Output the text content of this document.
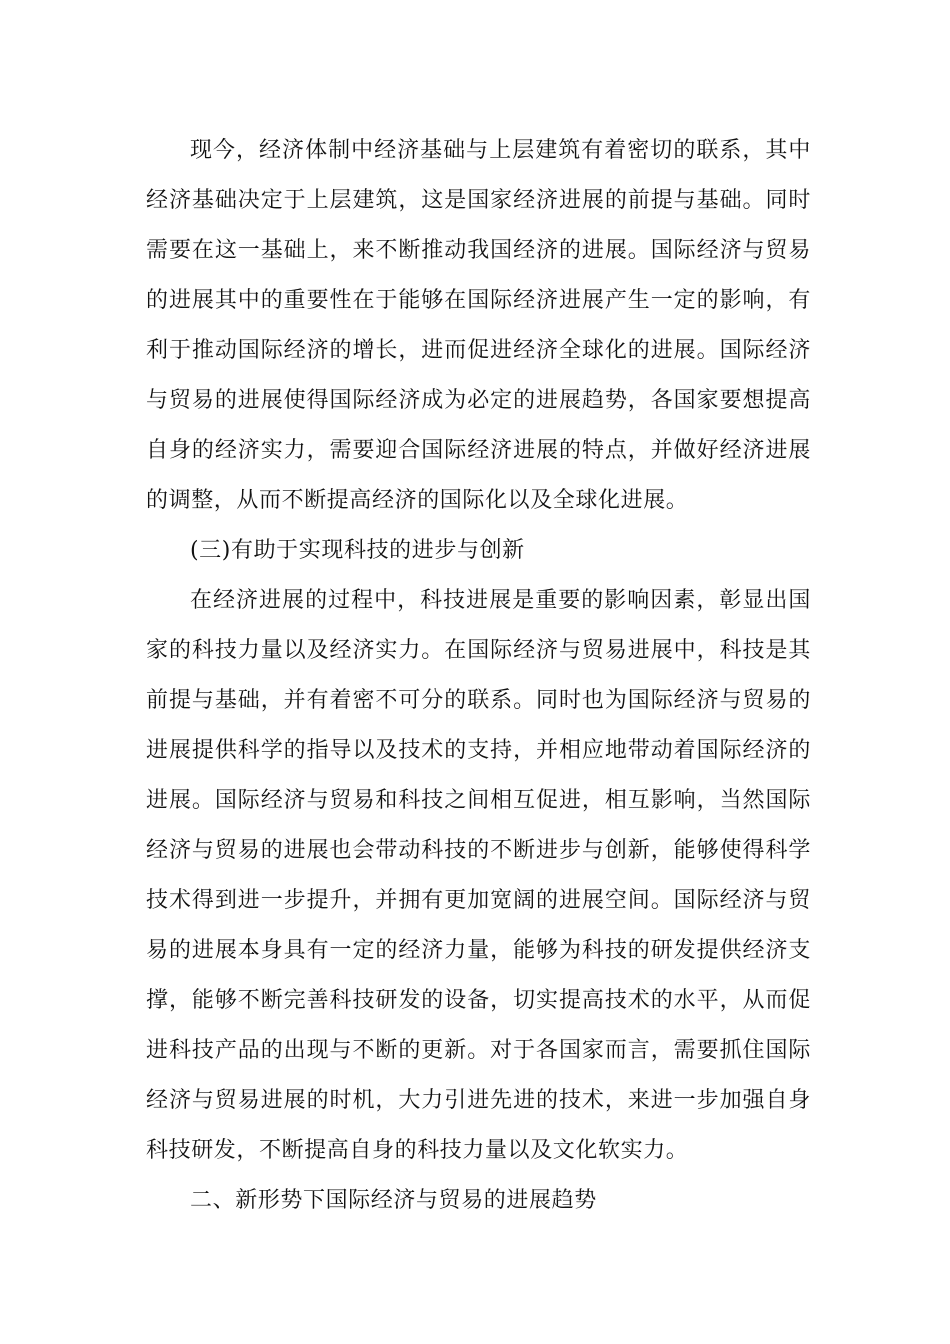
现今，经济体制中经济基础与上层建筑有着密切的联系，其中经济基础决定于上层建筑，这是国家经济进展的前提与基础。同时需要在这一基础上，来不断推动我国经济的进展。国际经济与贸易的进展其中的重要性在于能够在国际经济进展产生一定的影响，有利于推动国际经济的增长，进而促进经济全球化的进展。国际经济与贸易的进展使得国际经济成为必定的进展趋势，各国家要想提高自身的经济实力，需要迎合国际经济进展的特点，并做好经济进展的调整，从而不断提高经济的国际化以及全球化进展。

(三)有助于实现科技的进步与创新

在经济进展的过程中，科技进展是重要的影响因素，彰显出国家的科技力量以及经济实力。在国际经济与贸易进展中，科技是其前提与基础，并有着密不可分的联系。同时也为国际经济与贸易的进展提供科学的指导以及技术的支持，并相应地带动着国际经济的进展。国际经济与贸易和科技之间相互促进，相互影响，当然国际经济与贸易的进展也会带动科技的不断进步与创新，能够使得科学技术得到进一步提升，并拥有更加宽阔的进展空间。国际经济与贸易的进展本身具有一定的经济力量，能够为科技的研发提供经济支撑，能够不断完善科技研发的设备，切实提高技术的水平，从而促进科技产品的出现与不断的更新。对于各国家而言，需要抓住国际经济与贸易进展的时机，大力引进先进的技术，来进一步加强自身科技研发，不断提高自身的科技力量以及文化软实力。

二、新形势下国际经济与贸易的进展趋势
